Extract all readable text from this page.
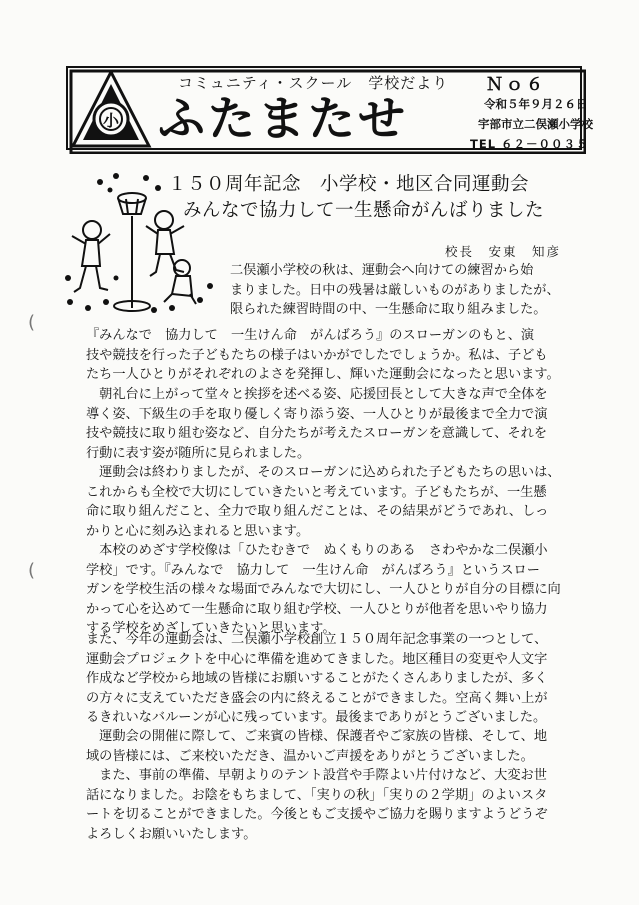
小
コミュニティ・スクール　学校だより
ふたまたせ
Ｎｏ６
令和５年９月２６日
宇部市立二俣瀬小学校
TEL ６２－００３５
１５０周年記念　小学校・地区合同運動会
みんなで協力して一生懸命がんばりました
校長　安東　知彦

二俣瀬小学校の秋は、運動会へ向けての練習から始
まりました。日中の残暑は厳しいものがありましたが、
限られた練習時間の中、一生懸命に取り組みました。

『みんなで　協力して　一生けん命　がんばろう』のスローガンのもと、演
技や競技を行った子どもたちの様子はいかがでしたでしょうか。私は、子ども
たち一人ひとりがそれぞれのよさを発揮し、輝いた運動会になったと思います。

　朝礼台に上がって堂々と挨拶を述べる姿、応援団長として大きな声で全体を
導く姿、下級生の手を取り優しく寄り添う姿、一人ひとりが最後まで全力で演
技や競技に取り組む姿など、自分たちが考えたスローガンを意識して、それを
行動に表す姿が随所に見られました。

　運動会は終わりましたが、そのスローガンに込められた子どもたちの思いは、
これからも全校で大切にしていきたいと考えています。子どもたちが、一生懸
命に取り組んだこと、全力で取り組んだことは、その結果がどうであれ、しっ
かりと心に刻み込まれると思います。

　本校のめざす学校像は「ひたむきで　ぬくもりのある　さわやかな二俣瀬小
学校」です。『みんなで　協力して　一生けん命　がんばろう』というスロー
ガンを学校生活の様々な場面でみんなで大切にし、一人ひとりが自分の目標に向
かって心を込めて一生懸命に取り組む学校、一人ひとりが他者を思いやり協力
する学校をめざしていきたいと思います。

また、今年の運動会は、二俣瀬小学校創立１５０周年記念事業の一つとして、
運動会プロジェクトを中心に準備を進めてきました。地区種目の変更や人文字
作成など学校から地域の皆様にお願いすることがたくさんありましたが、多く
の方々に支えていただき盛会の内に終えることができました。空高く舞い上が
るきれいなバルーンが心に残っています。最後までありがとうございました。

　運動会の開催に際して、ご来賓の皆様、保護者やご家族の皆様、そして、地
域の皆様には、ご来校いただき、温かいご声援をありがとうございました。
　また、事前の準備、早朝よりのテント設営や手際よい片付けなど、大変お世
話になりました。お陰をもちまして、「実りの秋」「実りの２学期」のよいスタ
ートを切ることができました。今後ともご支援やご協力を賜りますようどうぞ
よろしくお願いいたします。

(
(
